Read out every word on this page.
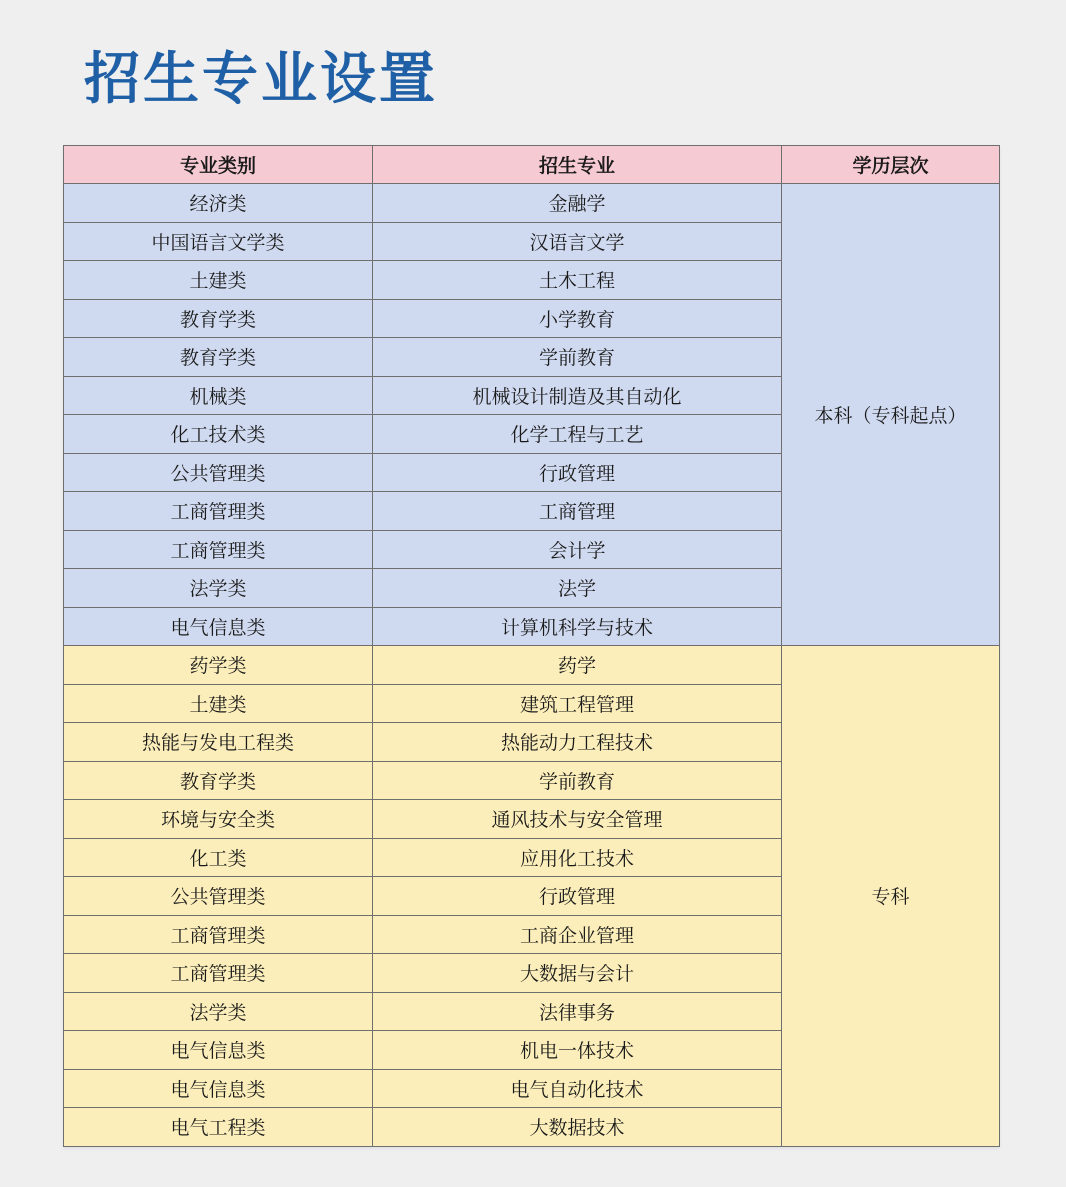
招生专业设置
专业类别	招生专业	学历层次
经济类	金融学	本科（专科起点）
中国语言文学类	汉语言文学	
土建类	土木工程	
教育学类	小学教育	
教育学类	学前教育	
机械类	机械设计制造及其自动化	
化工技术类	化学工程与工艺	
公共管理类	行政管理	
工商管理类	工商管理	
工商管理类	会计学	
法学类	法学	
电气信息类	计算机科学与技术	
药学类	药学	专科
土建类	建筑工程管理	
热能与发电工程类	热能动力工程技术	
教育学类	学前教育	
环境与安全类	通风技术与安全管理	
化工类	应用化工技术	
公共管理类	行政管理	
工商管理类	工商企业管理	
工商管理类	大数据与会计	
法学类	法律事务	
电气信息类	机电一体技术	
电气信息类	电气自动化技术	
电气工程类	大数据技术	
